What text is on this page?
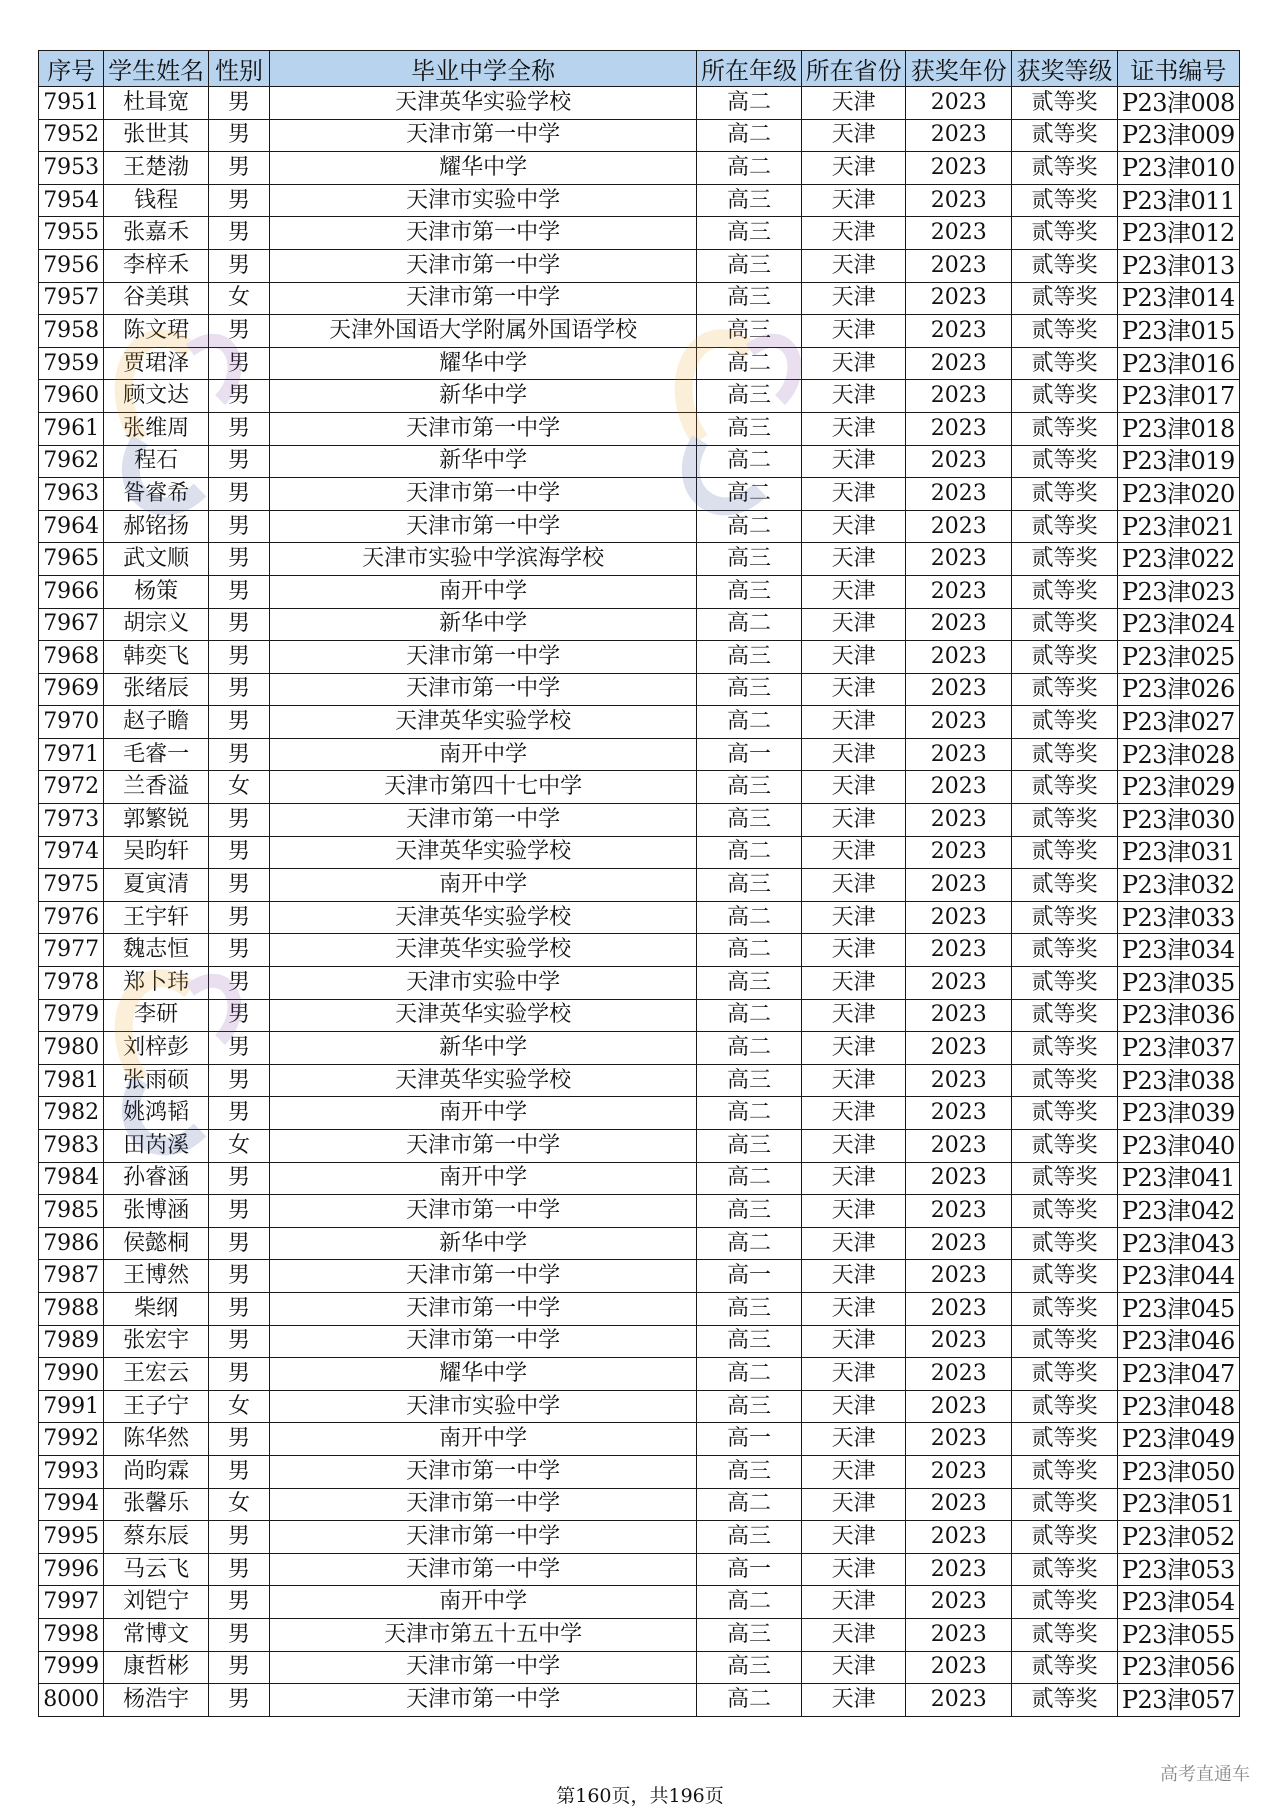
序号	学生姓名	性别	毕业中学全称	所在年级	所在省份	获奖年份	获奖等级	证书编号
7951	杜咠宽	男	天津英华实验学校	高二	天津	2023	贰等奖	P23津008
7952	张世其	男	天津市第一中学	高二	天津	2023	贰等奖	P23津009
7953	王楚渤	男	耀华中学	高二	天津	2023	贰等奖	P23津010
7954	钱程	男	天津市实验中学	高三	天津	2023	贰等奖	P23津011
7955	张嘉禾	男	天津市第一中学	高三	天津	2023	贰等奖	P23津012
7956	李梓禾	男	天津市第一中学	高三	天津	2023	贰等奖	P23津013
7957	谷美琪	女	天津市第一中学	高三	天津	2023	贰等奖	P23津014
7958	陈文珺	男	天津外国语大学附属外国语学校	高三	天津	2023	贰等奖	P23津015
7959	贾珺泽	男	耀华中学	高二	天津	2023	贰等奖	P23津016
7960	顾文达	男	新华中学	高三	天津	2023	贰等奖	P23津017
7961	张维周	男	天津市第一中学	高三	天津	2023	贰等奖	P23津018
7962	程石	男	新华中学	高二	天津	2023	贰等奖	P23津019
7963	昝睿希	男	天津市第一中学	高二	天津	2023	贰等奖	P23津020
7964	郝铭扬	男	天津市第一中学	高二	天津	2023	贰等奖	P23津021
7965	武文顺	男	天津市实验中学滨海学校	高三	天津	2023	贰等奖	P23津022
7966	杨策	男	南开中学	高三	天津	2023	贰等奖	P23津023
7967	胡宗义	男	新华中学	高二	天津	2023	贰等奖	P23津024
7968	韩奕飞	男	天津市第一中学	高三	天津	2023	贰等奖	P23津025
7969	张绪辰	男	天津市第一中学	高三	天津	2023	贰等奖	P23津026
7970	赵子瞻	男	天津英华实验学校	高二	天津	2023	贰等奖	P23津027
7971	毛睿一	男	南开中学	高一	天津	2023	贰等奖	P23津028
7972	兰香溢	女	天津市第四十七中学	高三	天津	2023	贰等奖	P23津029
7973	郭繁锐	男	天津市第一中学	高三	天津	2023	贰等奖	P23津030
7974	吴昀轩	男	天津英华实验学校	高二	天津	2023	贰等奖	P23津031
7975	夏寅清	男	南开中学	高三	天津	2023	贰等奖	P23津032
7976	王宇轩	男	天津英华实验学校	高二	天津	2023	贰等奖	P23津033
7977	魏志恒	男	天津英华实验学校	高二	天津	2023	贰等奖	P23津034
7978	郑卜玮	男	天津市实验中学	高三	天津	2023	贰等奖	P23津035
7979	李研	男	天津英华实验学校	高二	天津	2023	贰等奖	P23津036
7980	刘梓彭	男	新华中学	高二	天津	2023	贰等奖	P23津037
7981	张雨硕	男	天津英华实验学校	高三	天津	2023	贰等奖	P23津038
7982	姚鸿韬	男	南开中学	高二	天津	2023	贰等奖	P23津039
7983	田芮溪	女	天津市第一中学	高三	天津	2023	贰等奖	P23津040
7984	孙睿涵	男	南开中学	高二	天津	2023	贰等奖	P23津041
7985	张博涵	男	天津市第一中学	高三	天津	2023	贰等奖	P23津042
7986	侯懿桐	男	新华中学	高二	天津	2023	贰等奖	P23津043
7987	王博然	男	天津市第一中学	高一	天津	2023	贰等奖	P23津044
7988	柴纲	男	天津市第一中学	高三	天津	2023	贰等奖	P23津045
7989	张宏宇	男	天津市第一中学	高三	天津	2023	贰等奖	P23津046
7990	王宏云	男	耀华中学	高二	天津	2023	贰等奖	P23津047
7991	王子宁	女	天津市实验中学	高三	天津	2023	贰等奖	P23津048
7992	陈华然	男	南开中学	高一	天津	2023	贰等奖	P23津049
7993	尚昀霖	男	天津市第一中学	高三	天津	2023	贰等奖	P23津050
7994	张馨乐	女	天津市第一中学	高二	天津	2023	贰等奖	P23津051
7995	蔡东辰	男	天津市第一中学	高三	天津	2023	贰等奖	P23津052
7996	马云飞	男	天津市第一中学	高一	天津	2023	贰等奖	P23津053
7997	刘铠宁	男	南开中学	高二	天津	2023	贰等奖	P23津054
7998	常博文	男	天津市第五十五中学	高三	天津	2023	贰等奖	P23津055
7999	康哲彬	男	天津市第一中学	高三	天津	2023	贰等奖	P23津056
8000	杨浩宇	男	天津市第一中学	高二	天津	2023	贰等奖	P23津057
第160页，共196页
高考直通车
